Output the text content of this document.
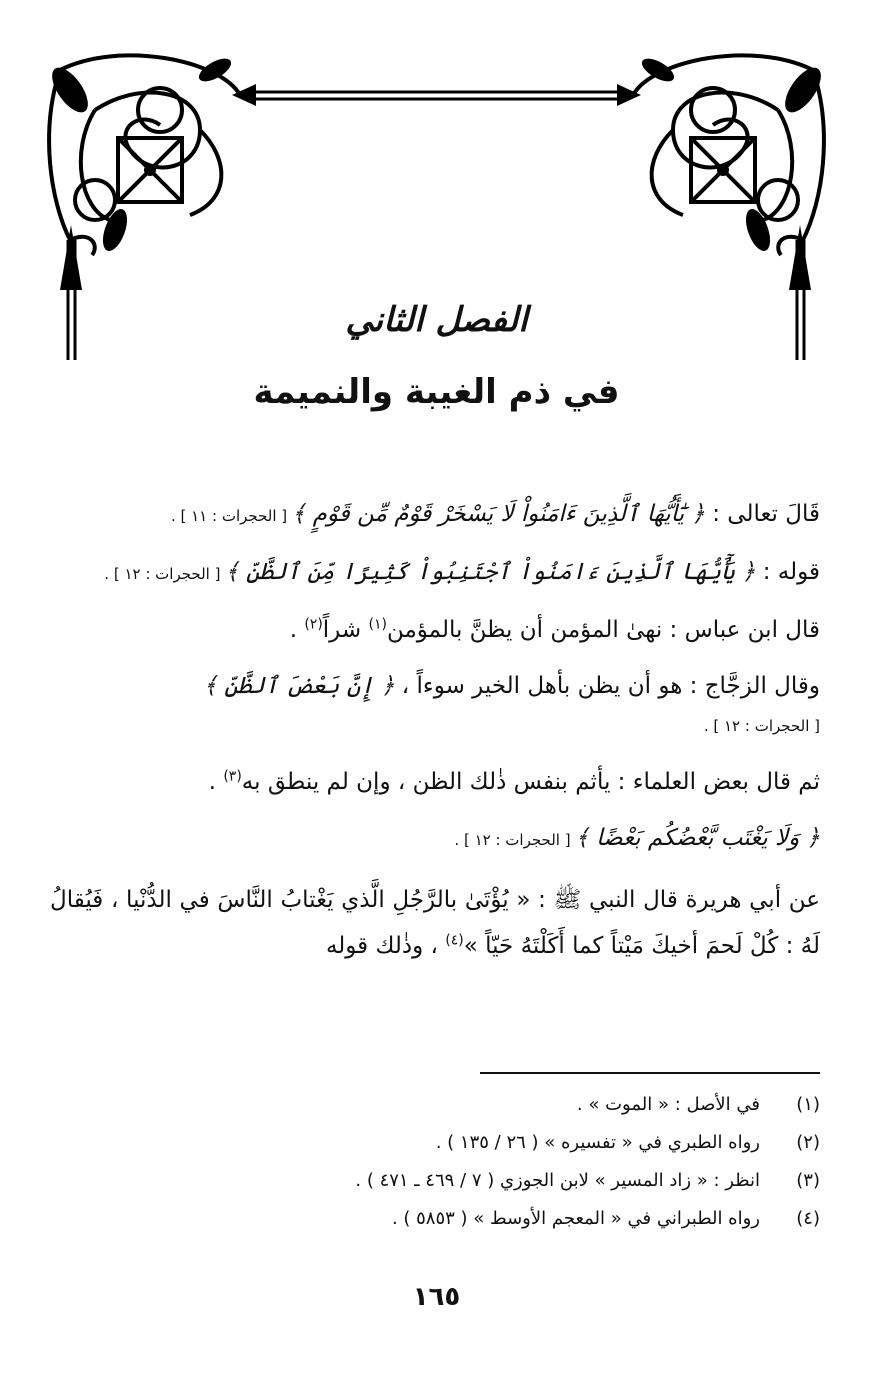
الفصل الثاني
في ذم الغيبة والنميمة

قَالَ تعالى : ﴿ يَٰٓأَيُّهَا ٱلَّذِينَ ءَامَنُواْ لَا يَسْخَرْ قَوْمٌ مِّن قَوْمٍ ﴾ [ الحجرات : ١١ ] .

قوله : ﴿ يَٰٓأَيُّهَا ٱلَّذِينَ ءَامَنُواْ ٱجْتَنِبُواْ كَثِيرًا مِّنَ ٱلظَّنِّ ﴾ [ الحجرات : ١٢ ] .

قال ابن عباس : نهىٰ المؤمن أن يظنَّ بالمؤمن$^{(١)}$ شراً$^{(٢)}$ .

وقال الزجَّاج : هو أن يظن بأهل الخير سوءاً ، ﴿ إِنَّ بَعْضَ ٱلظَّنِّ ﴾
[ الحجرات : ١٢ ] .

ثم قال بعض العلماء : يأثم بنفس ذٰلك الظن ، وإن لم ينطق به$^{(٣)}$ .

﴿ وَلَا يَغْتَب بَّعْضُكُم بَعْضًا ﴾ [ الحجرات : ١٢ ] .

عن أبي هريرة قال النبي ﷺ : « يُؤْتَىٰ بالرَّجُلِ الَّذي يَغْتابُ النَّاسَ في الدُّنْيا ، فَيُقالُ لَهُ : كُلْ لَحمَ أخيكَ مَيْتاً كما أَكَلْتَهُ حَيّاً »$^{(٤)}$ ، وذٰلك قوله

(١)
في الأصل : « الموت » .
(٢)
رواه الطبري في « تفسيره » ( ٢٦ / ١٣٥ ) .
(٣)
انظر : « زاد المسير » لابن الجوزي ( ٧ / ٤٦٩ ـ ٤٧١ ) .
(٤)
رواه الطبراني في « المعجم الأوسط » ( ٥٨٥٣ ) .
١٦٥
